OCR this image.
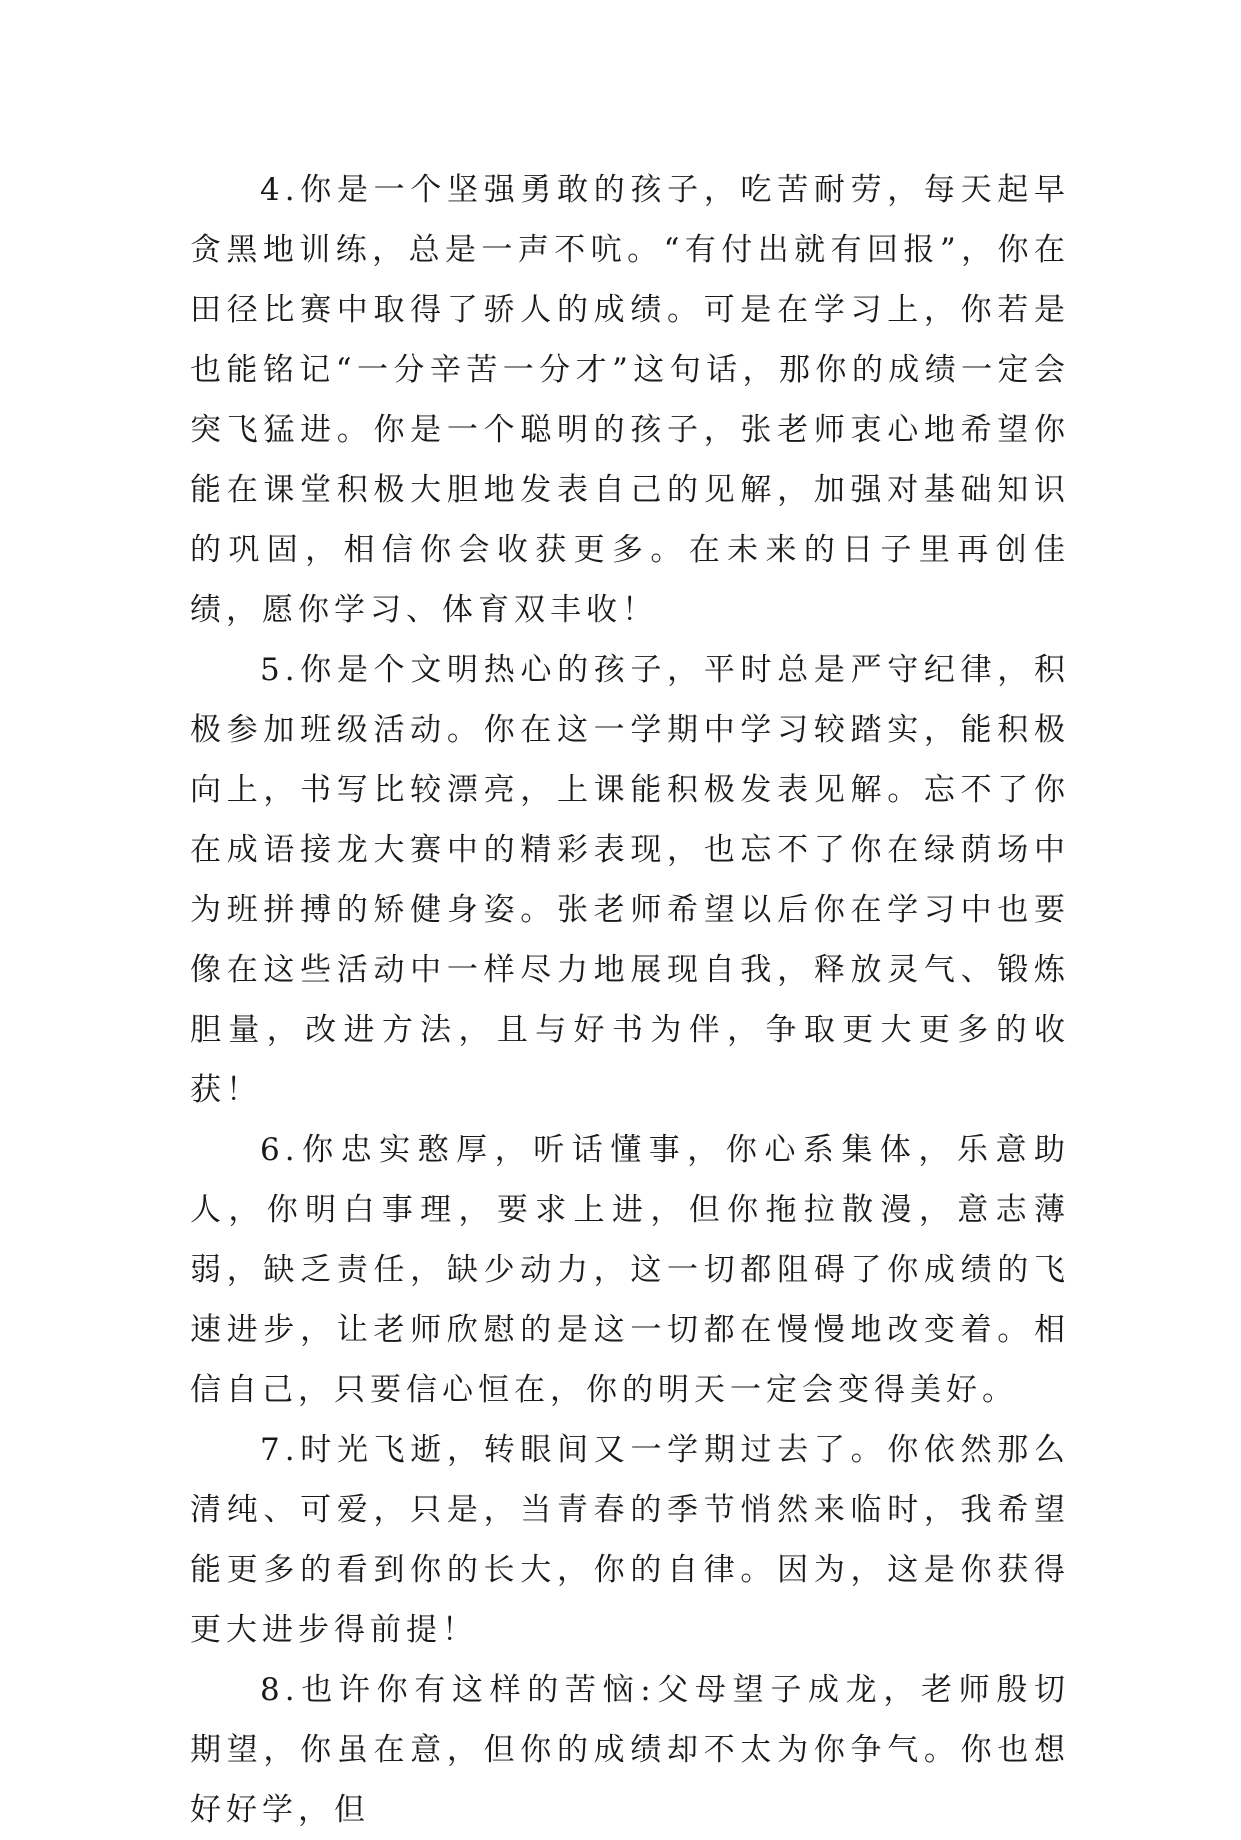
4.你是一个坚强勇敢的孩子，吃苦耐劳，每天起早贪黑地训练，总是一声不吭。“有付出就有回报”，你在田径比赛中取得了骄人的成绩。可是在学习上，你若是也能铭记“一分辛苦一分才”这句话，那你的成绩一定会突飞猛进。你是一个聪明的孩子，张老师衷心地希望你能在课堂积极大胆地发表自己的见解，加强对基础知识的巩固，相信你会收获更多。在未来的日子里再创佳绩，愿你学习、体育双丰收！

5.你是个文明热心的孩子，平时总是严守纪律，积极参加班级活动。你在这一学期中学习较踏实，能积极向上，书写比较漂亮，上课能积极发表见解。忘不了你在成语接龙大赛中的精彩表现，也忘不了你在绿荫场中为班拼搏的矫健身姿。张老师希望以后你在学习中也要像在这些活动中一样尽力地展现自我，释放灵气、锻炼胆量，改进方法，且与好书为伴，争取更大更多的收获！

6.你忠实憨厚，听话懂事，你心系集体，乐意助人，你明白事理，要求上进，但你拖拉散漫，意志薄弱，缺乏责任，缺少动力，这一切都阻碍了你成绩的飞速进步，让老师欣慰的是这一切都在慢慢地改变着。相信自己，只要信心恒在，你的明天一定会变得美好。

7.时光飞逝，转眼间又一学期过去了。你依然那么清纯、可爱，只是，当青春的季节悄然来临时，我希望能更多的看到你的长大，你的自律。因为，这是你获得更大进步得前提！

8.也许你有这样的苦恼:父母望子成龙，老师殷切期望，你虽在意，但你的成绩却不太为你争气。你也想好好学，但
